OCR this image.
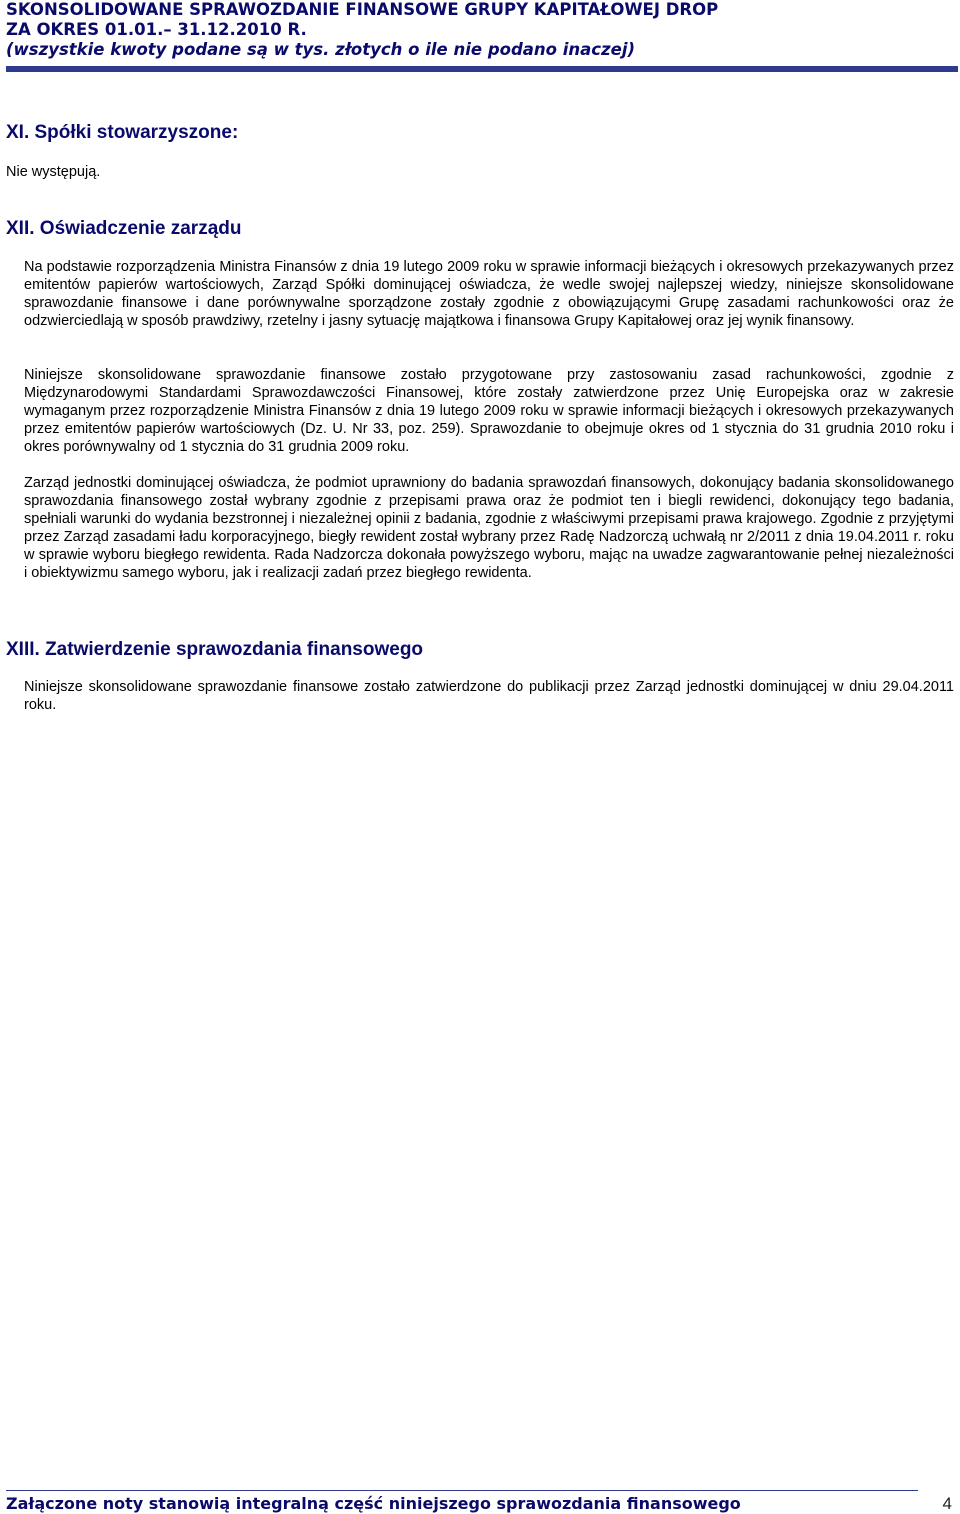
SKONSOLIDOWANE SPRAWOZDANIE FINANSOWE GRUPY KAPITAŁOWEJ DROP
ZA OKRES 01.01.– 31.12.2010 R.
(wszystkie kwoty podane są w tys. złotych o ile nie podano inaczej)
XI. Spółki stowarzyszone:
Nie występują.
XII. Oświadczenie zarządu

Na podstawie rozporządzenia Ministra Finansów z dnia 19 lutego 2009 roku w sprawie informacji bieżących i okresowych przekazywanych przez emitentów papierów wartościowych, Zarząd Spółki dominującej oświadcza, że wedle swojej najlepszej wiedzy, niniejsze skonsolidowane sprawozdanie finansowe i dane porównywalne sporządzone zostały zgodnie z obowiązującymi Grupę zasadami rachunkowości oraz że odzwierciedlają w sposób prawdziwy, rzetelny i jasny sytuację majątkowa i finansowa Grupy Kapitałowej oraz jej wynik finansowy.

Niniejsze skonsolidowane sprawozdanie finansowe zostało przygotowane przy zastosowaniu zasad rachunkowości, zgodnie z Międzynarodowymi Standardami Sprawozdawczości Finansowej, które zostały zatwierdzone przez Unię Europejska oraz w zakresie wymaganym przez rozporządzenie Ministra Finansów z dnia 19 lutego 2009 roku w sprawie informacji bieżących i okresowych przekazywanych przez emitentów papierów wartościowych (Dz. U. Nr 33, poz. 259). Sprawozdanie to obejmuje okres od 1 stycznia do 31 grudnia 2010 roku i okres porównywalny od 1 stycznia do 31 grudnia 2009 roku.

Zarząd jednostki dominującej oświadcza, że podmiot uprawniony do badania sprawozdań finansowych, dokonujący badania skonsolidowanego sprawozdania finansowego został wybrany zgodnie z przepisami prawa oraz że podmiot ten i biegli rewidenci, dokonujący tego badania, spełniali warunki do wydania bezstronnej i niezależnej opinii z badania, zgodnie z właściwymi przepisami prawa krajowego. Zgodnie z przyjętymi przez Zarząd zasadami ładu korporacyjnego, biegły rewident został wybrany przez Radę Nadzorczą uchwałą nr 2/2011 z dnia 19.04.2011 r. roku w sprawie wyboru biegłego rewidenta. Rada Nadzorcza dokonała powyższego wyboru, mając na uwadze zagwarantowanie pełnej niezależności i obiektywizmu samego wyboru, jak i realizacji zadań przez biegłego rewidenta.

XIII. Zatwierdzenie sprawozdania finansowego

Niniejsze skonsolidowane sprawozdanie finansowe zostało zatwierdzone do publikacji przez Zarząd jednostki dominującej w dniu 29.04.2011 roku.

Załączone noty stanowią integralną część niniejszego sprawozdania finansowego	4
